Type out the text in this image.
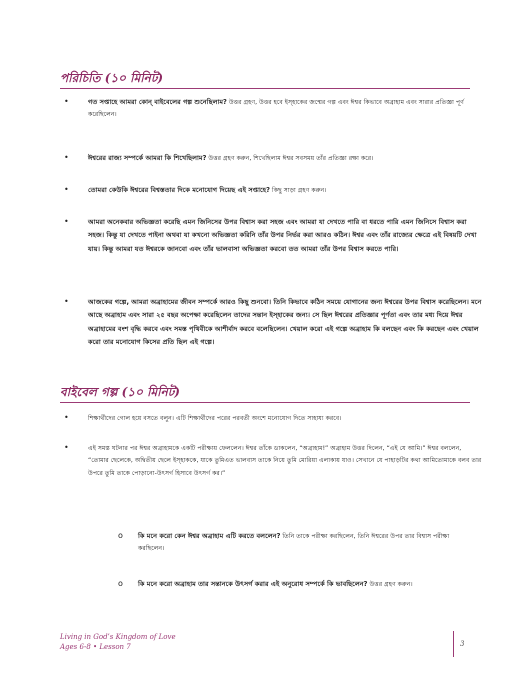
পরিচিতি (১০ মিনিট)
•	গত সপ্তাহে আমরা কোন্‌ বাইবেলের গল্প শুনেছিলাম? উত্তর গ্রহণ, উত্তর হবে ইস্‌হাকের জন্মের গল্প এবং ঈশ্বর কিভাবে অব্রাহাম এবং সারার প্রতিজ্ঞা পূর্ণ করেছিলেন।
•	ঈশ্বরের রাজ্য সম্পর্কে আমরা কি শিখেছিলাম? উত্তর গ্রহণ করুন, শিখেছিলাম ঈশ্বর সবসময় তাঁর প্রতিজ্ঞা রক্ষা করে।
•	তোমরা কেউকি ঈশ্বরের বিশ্বস্ততার দিকে মনোযোগ দিয়েছ এই সপ্তাহে? কিছু সাড়া গ্রহণ করুন।
•	আমরা অনেকবার অভিজ্ঞতা করেছি এমন জিনিসের উপর বিশ্বাস করা সহজ এবং আমরা যা দেখতে পারি বা ধরতে পারি এমন জিনিসে বিশ্বাস করা সহজ। কিন্তু যা দেখতে পাইনা অথবা যা কখনো অভিজ্ঞতা করিনি তাঁর উপর নির্ভর করা আরও কঠিন। ঈশ্বর এবং তাঁর রাজ্যের ক্ষেত্রে এই বিষয়টি দেখা যায়। কিন্তু আমরা যত ঈশ্বরকে জানবো এবং তাঁর ভালবাসা অভিজ্ঞতা করবো তত আমরা তাঁর উপর বিশ্বাস করতে পারি।
•	আজকের গল্পে, আমরা অব্রাহামের জীবন সম্পর্কে আরও কিছু শুনবো। তিনি কিভাবে কঠিন সময়ে যোগানের জন্য ঈশ্বরের উপর বিশ্বাস করেছিলেন। মনে আছে অব্রাহাম এবং সারা ২৫ বছর অপেক্ষা করেছিলেন তাদের সন্তান ইস্‌হাকের জন্য। সে ছিল ঈশ্বরের প্রতিজ্ঞার পূর্ণতা এবং তার মধ্য দিয়ে ঈশ্বর অব্রাহামের বংশ বৃদ্ধি করবে এবং সমস্ত পৃথিবীকে আশীর্বাদ করবে বলেছিলেন। খেয়াল করো এই গল্পে অব্রাহাম কি বলছেন এবং কি করছেন এবং খেয়াল করো তার মনোযোগ কিসের প্রতি ছিল এই গল্পে।
বাইবেল গল্প (১০ মিনিট)
•	শিক্ষার্থীদের গোল হয়ে বসতে বলুন। এটি শিক্ষার্থীদের পরের পরবর্তী অংশে মনোযোগ দিতে সাহায্য করবে।
•	এই সমস্ত ঘটনার পর ঈশ্বর অব্রাহামকে একটি পরীক্ষায় ফেললেন। ঈশ্বর তাঁকে ডাকলেন, “অব্রাহাম!” অব্রাহাম উত্তর দিলেন, “এই যে আমি।” ঈশ্বর বললেন, “তোমার ছেলেকে, অদ্বিতীয় ছেলে ইস্‌হাককে, যাকে তুমিএত ভালবাস তাকে নিয়ে তুমি মোরিয়া এলাকায় যাও। সেখানে যে পাহাড়টির কথা আমিতোমাকে বলব তার উপরে তুমি তাকে পোড়ানো-উৎসর্গ হিসাবে উৎসর্গ কর।”
o কি মনে করো কেন ঈশ্বর অব্রাহাম এটি করতে বললেন? তিনি তাকে পরীক্ষা করছিলেন, তিনি ঈশ্বরের উপর তার বিশ্বাস পরীক্ষা করছিলেন।
o কি মনে করো অব্রাহাম তার সন্তানকে উৎসর্গ করার এই অনুরোধ সম্পর্কে কি ভাবছিলেন? উত্তর গ্রহণ করুন।
Living in God’s Kingdom of Love
Ages 6-8 • Lesson 7	3
